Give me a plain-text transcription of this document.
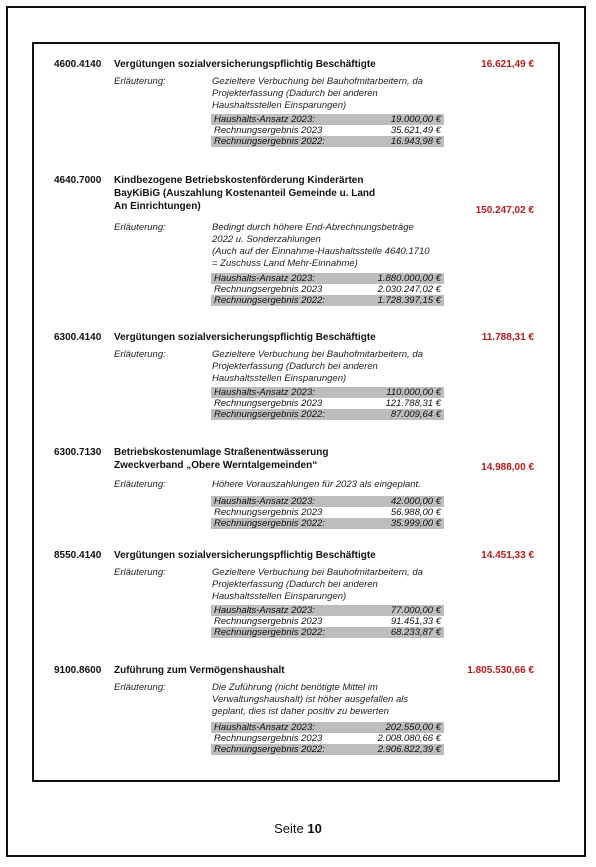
4600.4140 Vergütungen sozialversicherungspflichtig Beschäftigte	16.621,49 €
Erläuterung:	Gezieltere Verbuchung bei Bauhofmitarbeitern, da
Projekterfassung (Dadurch bei anderen
Haushaltsstellen Einsparungen)
Haushalts-Ansatz 2023:	19.000,00 €
Rechnungsergebnis 2023	35.621,49 €
Rechnungsergebnis 2022:	16.943,98 €
4640.7000 Kindbezogene Betriebskostenförderung Kinderärten
BayKiBiG (Auszahlung Kostenanteil Gemeinde u. Land
An Einrichtungen)	150.247,02 €
Erläuterung:	Bedingt durch höhere End-Abrechnungsbeträge
2022 u. Sonderzahlungen
(Auch auf der Einnahme-Haushaltsstelle 4640.1710
= Zuschuss Land Mehr-Einnahme)
Haushalts-Ansatz 2023:	1.880.000,00 €
Rechnungsergebnis 2023	2.030.247,02 €
Rechnungsergebnis 2022:	1.728.397,15 €
6300.4140 Vergütungen sozialversicherungspflichtig Beschäftigte	11.788,31 €
Erläuterung:	Gezieltere Verbuchung bei Bauhofmitarbeitern, da
Projekterfassung (Dadurch bei anderen
Haushaltsstellen Einsparungen)
Haushalts-Ansatz 2023:	110.000,00 €
Rechnungsergebnis 2023	121.788,31 €
Rechnungsergebnis 2022:	87.009,64 €
6300.7130 Betriebskostenumlage Straßenentwässerung
Zweckverband „Obere Werntalgemeinden“	14.988,00 €
Erläuterung:	Höhere Vorauszahlungen für 2023 als eingeplant.
Haushalts-Ansatz 2023:	42.000,00 €
Rechnungsergebnis 2023	56.988,00 €
Rechnungsergebnis 2022:	35.999,00 €
8550.4140 Vergütungen sozialversicherungspflichtig Beschäftigte	14.451,33 €
Erläuterung:	Gezieltere Verbuchung bei Bauhofmitarbeitern, da
Projekterfassung (Dadurch bei anderen
Haushaltsstellen Einsparungen)
Haushalts-Ansatz 2023:	77.000,00 €
Rechnungsergebnis 2023	91.451,33 €
Rechnungsergebnis 2022:	68.233,87 €
9100.8600 Zuführung zum Vermögenshaushalt	1.805.530,66 €
Erläuterung:	Die Zuführung (nicht benötigte Mittel im
Verwaltungshaushalt) ist höher ausgefallen als
geplant, dies ist daher positiv zu bewerten
Haushalts-Ansatz 2023:	202.550,00 €
Rechnungsergebnis 2023	2.008.080,66 €
Rechnungsergebnis 2022:	2.906.822,39 €
Seite 10
